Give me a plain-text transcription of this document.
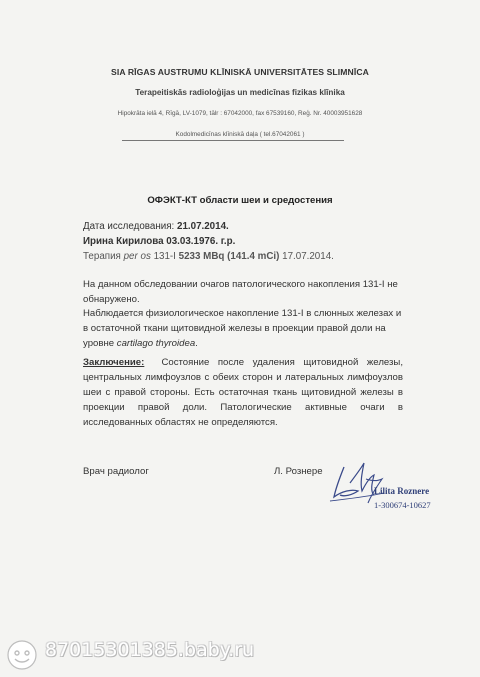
SIA RĪGAS AUSTRUMU KLĪNISKĀ UNIVERSITĀTES SLIMNĪCA
Terapeitiskās radioloģijas un medicīnas fizikas klīnika
Hipokrāta ielā 4, Rīgā, LV-1079, tālr : 67042000, fax 67539160, Reģ. Nr. 40003951628
Kodolmedicīnas klīniskā daļa ( tel.67042061 )
ОФЭКТ-КТ области шеи и средостения
Дата исследования: 21.07.2014.
Ирина Кирилова 03.03.1976. г.р.
Терапия per os 131-I 5233 MBq (141.4 mCi) 17.07.2014.
На данном обследовании очагов патологического накопления 131-I не обнаружено.
Наблюдается физиологическое накопление 131-I в слюнных железах и в остаточной ткани щитовидной железы в проекции правой доли на уровне cartilago thyroidea.
Заключение: Состояние после удаления щитовидной железы, центральных лимфоузлов с обеих сторон и латеральных лимфоузлов шеи с правой стороны. Есть остаточная ткань щитовидной железы в проекции правой доли. Патологические активные очаги в исследованных областях не определяются.
Врач радиолог	Л. Рознере
Lilita Roznere
1-300674-10627
87015301385.baby.ru
